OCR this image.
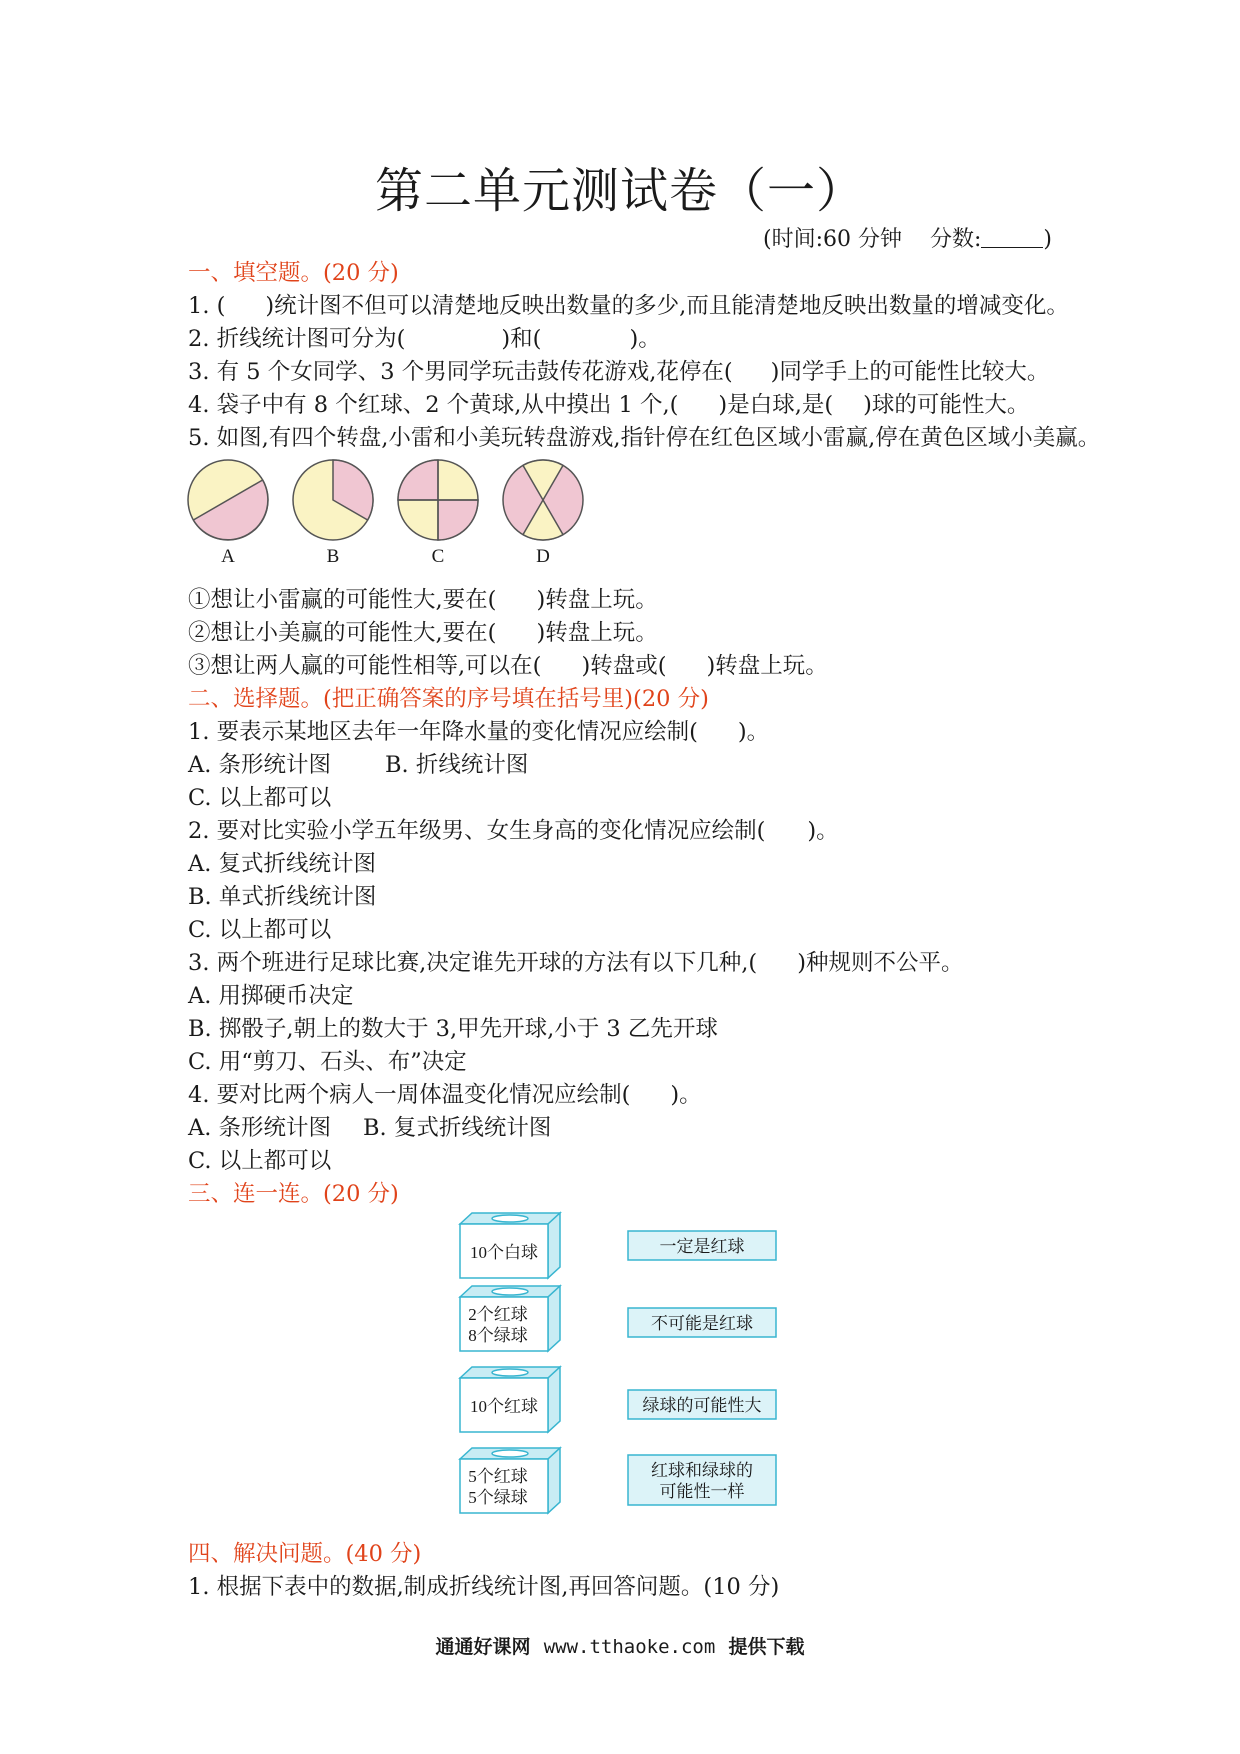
第二单元测试卷（一）
(时间:60 分钟 分数:	)
一、填空题。(20 分)
1. ( )统计图不但可以清楚地反映出数量的多少,而且能清楚地反映出数量的增减变化。
2. 折线统计图可分为(	)和(	)。
3. 有 5 个女同学、3 个男同学玩击鼓传花游戏,花停在( )同学手上的可能性比较大。
4. 袋子中有 8 个红球、2 个黄球,从中摸出 1 个,( )是白球,是( )球的可能性大。
5. 如图,有四个转盘,小雷和小美玩转盘游戏,指针停在红色区域小雷赢,停在黄色区域小美赢。
A	B	C	D
①想让小雷赢的可能性大,要在( )转盘上玩。
②想让小美赢的可能性大,要在( )转盘上玩。
③想让两人赢的可能性相等,可以在( )转盘或( )转盘上玩。
二、选择题。(把正确答案的序号填在括号里)(20 分)
1. 要表示某地区去年一年降水量的变化情况应绘制( )。
A. 条形统计图 B. 折线统计图
C. 以上都可以
2. 要对比实验小学五年级男、女生身高的变化情况应绘制( )。
A. 复式折线统计图
B. 单式折线统计图
C. 以上都可以
3. 两个班进行足球比赛,决定谁先开球的方法有以下几种,( )种规则不公平。
A. 用掷硬币决定
B. 掷骰子,朝上的数大于 3,甲先开球,小于 3 乙先开球
C. 用“剪刀、石头、布”决定
4. 要对比两个病人一周体温变化情况应绘制( )。
A. 条形统计图 B. 复式折线统计图
C. 以上都可以
三、连一连。(20 分)
10个白球
2个红球
8个绿球
10个红球
5个红球
5个绿球
一定是红球
不可能是红球
绿球的可能性大
红球和绿球的
可能性一样
四、解决问题。(40 分)
1. 根据下表中的数据,制成折线统计图,再回答问题。(10 分)
通通好课网 www.tthaoke.com 提供下载
